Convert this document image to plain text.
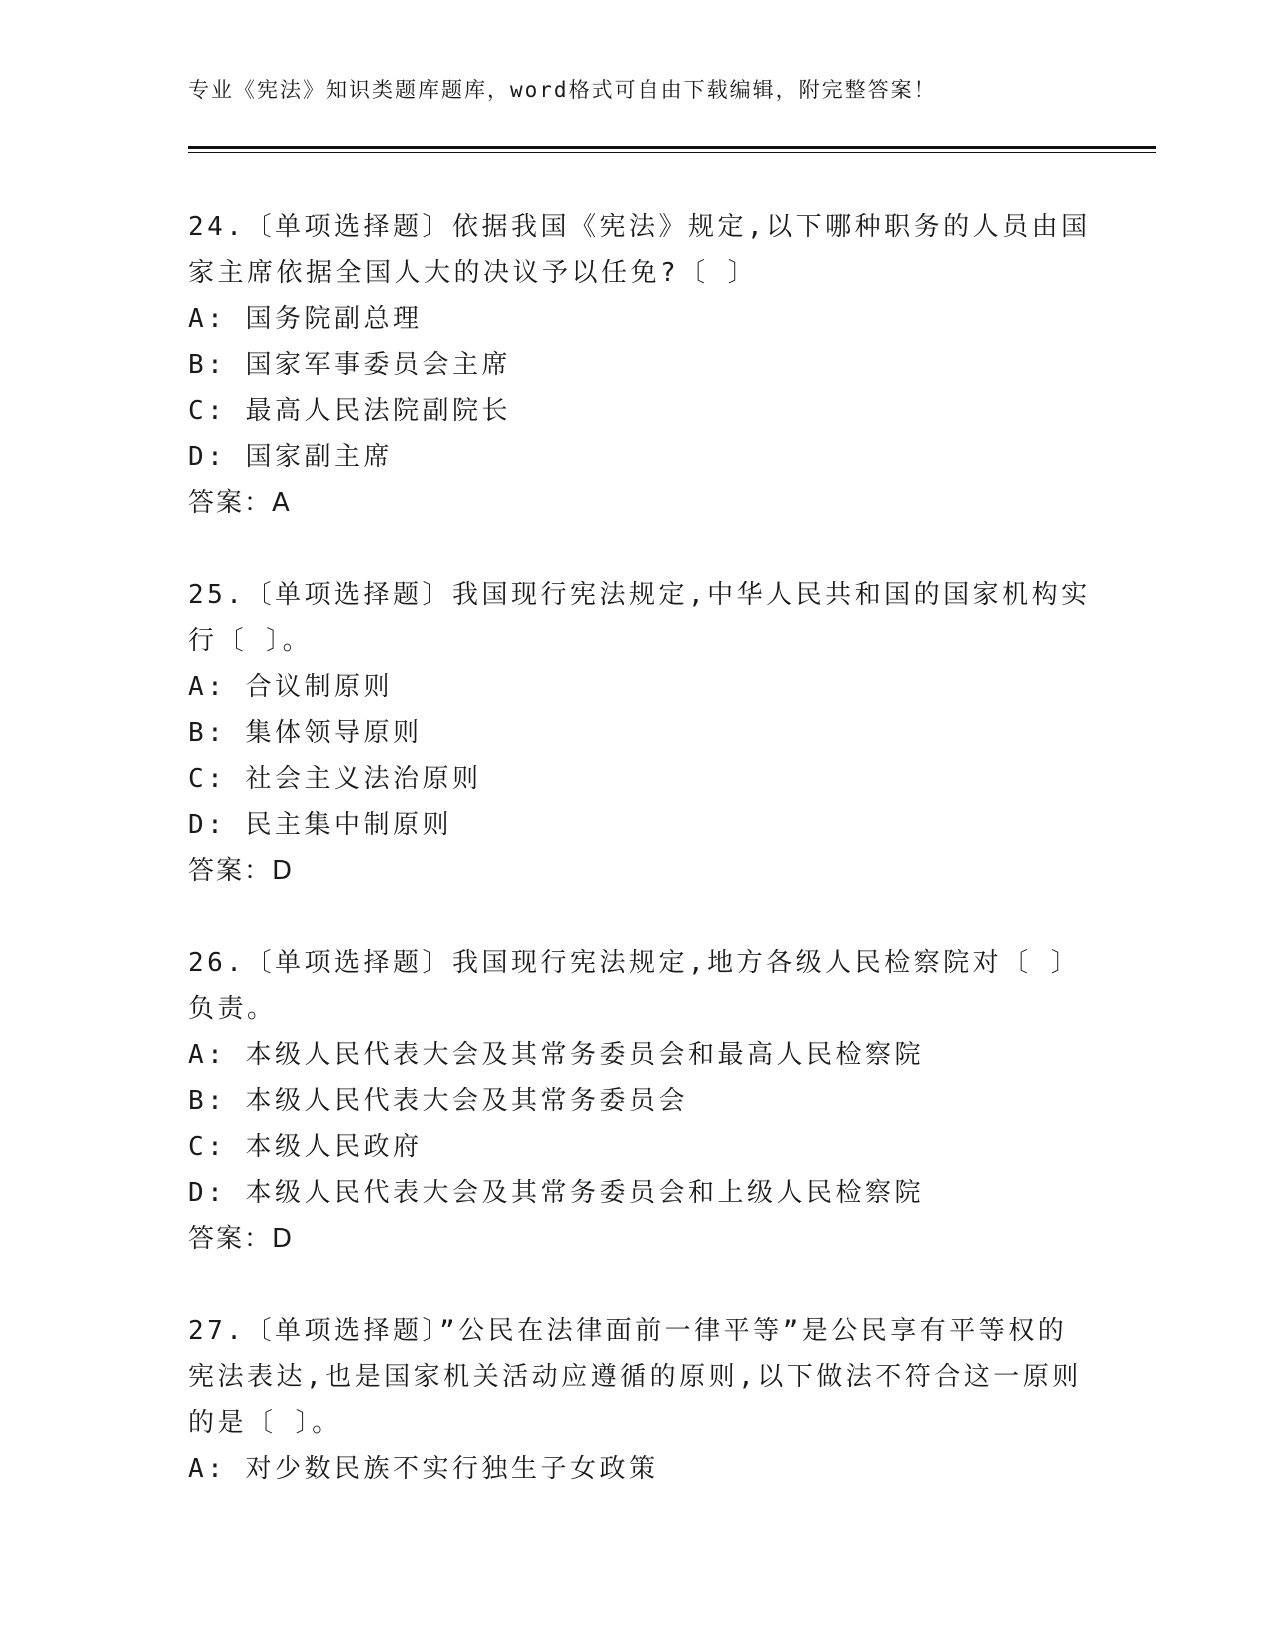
专业《宪法》知识类题库题库，word格式可自由下载编辑，附完整答案！
24.〔单项选择题〕依据我国《宪法》规定,以下哪种职务的人员由国
家主席依据全国人大的决议予以任免?〔 〕
A: 国务院副总理
B: 国家军事委员会主席
C: 最高人民法院副院长
D: 国家副主席
答案：A
25.〔单项选择题〕我国现行宪法规定,中华人民共和国的国家机构实
行〔 〕。
A: 合议制原则
B: 集体领导原则
C: 社会主义法治原则
D: 民主集中制原则
答案：D
26.〔单项选择题〕我国现行宪法规定,地方各级人民检察院对〔 〕
负责。
A: 本级人民代表大会及其常务委员会和最高人民检察院
B: 本级人民代表大会及其常务委员会
C: 本级人民政府
D: 本级人民代表大会及其常务委员会和上级人民检察院
答案：D
27.〔单项选择题〕”公民在法律面前一律平等”是公民享有平等权的
宪法表达,也是国家机关活动应遵循的原则,以下做法不符合这一原则
的是〔 〕。
A: 对少数民族不实行独生子女政策
